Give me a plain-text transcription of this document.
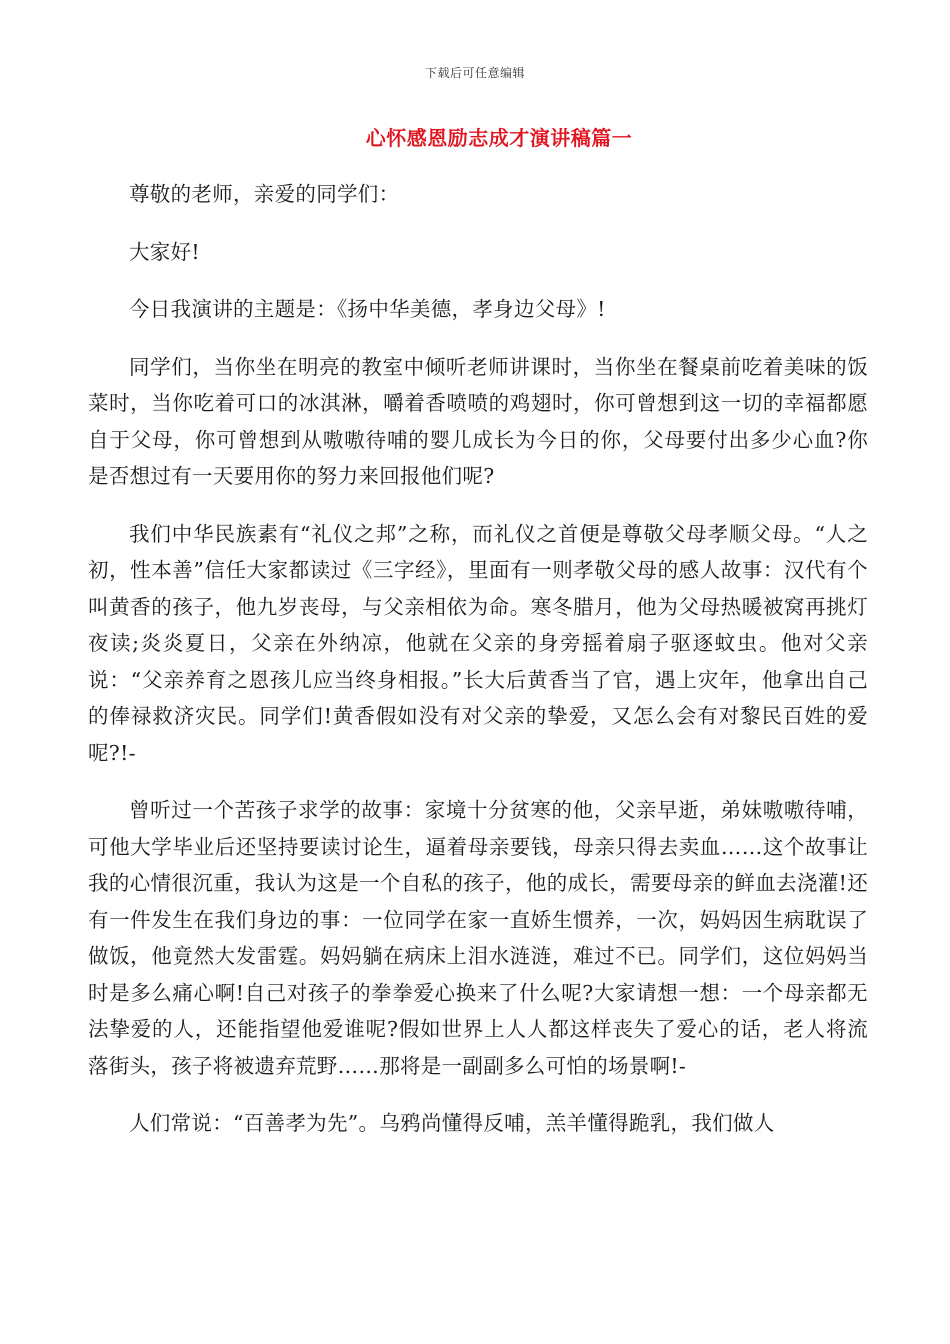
下载后可任意编辑
心怀感恩励志成才演讲稿篇一

尊敬的老师，亲爱的同学们：

大家好!

今日我演讲的主题是：《扬中华美德，孝身边父母》!

同学们，当你坐在明亮的教室中倾听老师讲课时，当你坐在餐桌前吃着美味的饭菜时，当你吃着可口的冰淇淋，嚼着香喷喷的鸡翅时，你可曾想到这一切的幸福都愿自于父母，你可曾想到从嗷嗷待哺的婴儿成长为今日的你，父母要付出多少心血?你是否想过有一天要用你的努力来回报他们呢?

我们中华民族素有“礼仪之邦”之称，而礼仪之首便是尊敬父母孝顺父母。“人之初，性本善”信任大家都读过《三字经》，里面有一则孝敬父母的感人故事：汉代有个叫黄香的孩子，他九岁丧母，与父亲相依为命。寒冬腊月，他为父母热暖被窝再挑灯夜读;炎炎夏日，父亲在外纳凉，他就在父亲的身旁摇着扇子驱逐蚊虫。他对父亲说：“父亲养育之恩孩儿应当终身相报。”长大后黄香当了官，遇上灾年，他拿出自己的俸禄救济灾民。同学们!黄香假如没有对父亲的挚爱，又怎么会有对黎民百姓的爱呢?!-

曾听过一个苦孩子求学的故事：家境十分贫寒的他，父亲早逝，弟妹嗷嗷待哺，可他大学毕业后还坚持要读讨论生，逼着母亲要钱，母亲只得去卖血……这个故事让我的心情很沉重，我认为这是一个自私的孩子，他的成长，需要母亲的鲜血去浇灌!还有一件发生在我们身边的事：一位同学在家一直娇生惯养，一次，妈妈因生病耽误了做饭，他竟然大发雷霆。妈妈躺在病床上泪水涟涟，难过不已。同学们，这位妈妈当时是多么痛心啊!自己对孩子的拳拳爱心换来了什么呢?大家请想一想：一个母亲都无法挚爱的人，还能指望他爱谁呢?假如世界上人人都这样丧失了爱心的话，老人将流落街头，孩子将被遗弃荒野……那将是一副副多么可怕的场景啊!-

人们常说：“百善孝为先”。乌鸦尚懂得反哺，羔羊懂得跪乳，我们做人
